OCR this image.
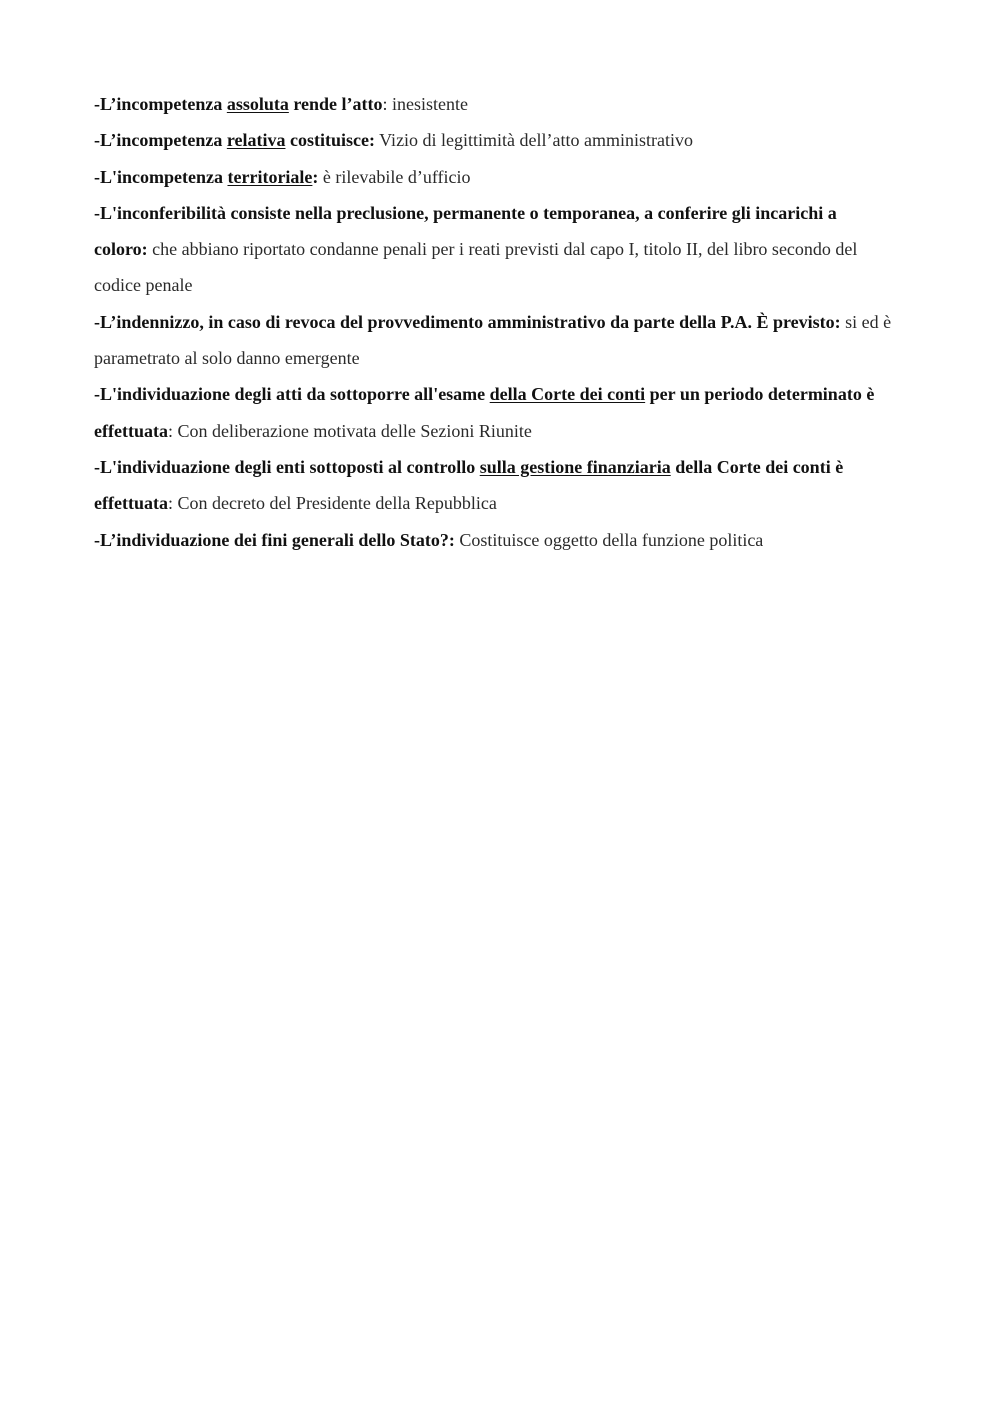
-L’incompetenza assoluta rende l’atto: inesistente

-L’incompetenza relativa costituisce: Vizio di legittimità dell’atto amministrativo

-L'incompetenza territoriale: è rilevabile d’ufficio

-L'inconferibilità consiste nella preclusione, permanente o temporanea, a conferire gli incarichi a coloro: che abbiano riportato condanne penali per i reati previsti dal capo I, titolo II, del libro secondo del codice penale

-L’indennizzo, in caso di revoca del provvedimento amministrativo da parte della P.A. È previsto: si ed è parametrato al solo danno emergente

-L'individuazione degli atti da sottoporre all'esame della Corte dei conti per un periodo determinato è effettuata: Con deliberazione motivata delle Sezioni Riunite

-L'individuazione degli enti sottoposti al controllo sulla gestione finanziaria della Corte dei conti è effettuata: Con decreto del Presidente della Repubblica

-L’individuazione dei fini generali dello Stato?: Costituisce oggetto della funzione politica
